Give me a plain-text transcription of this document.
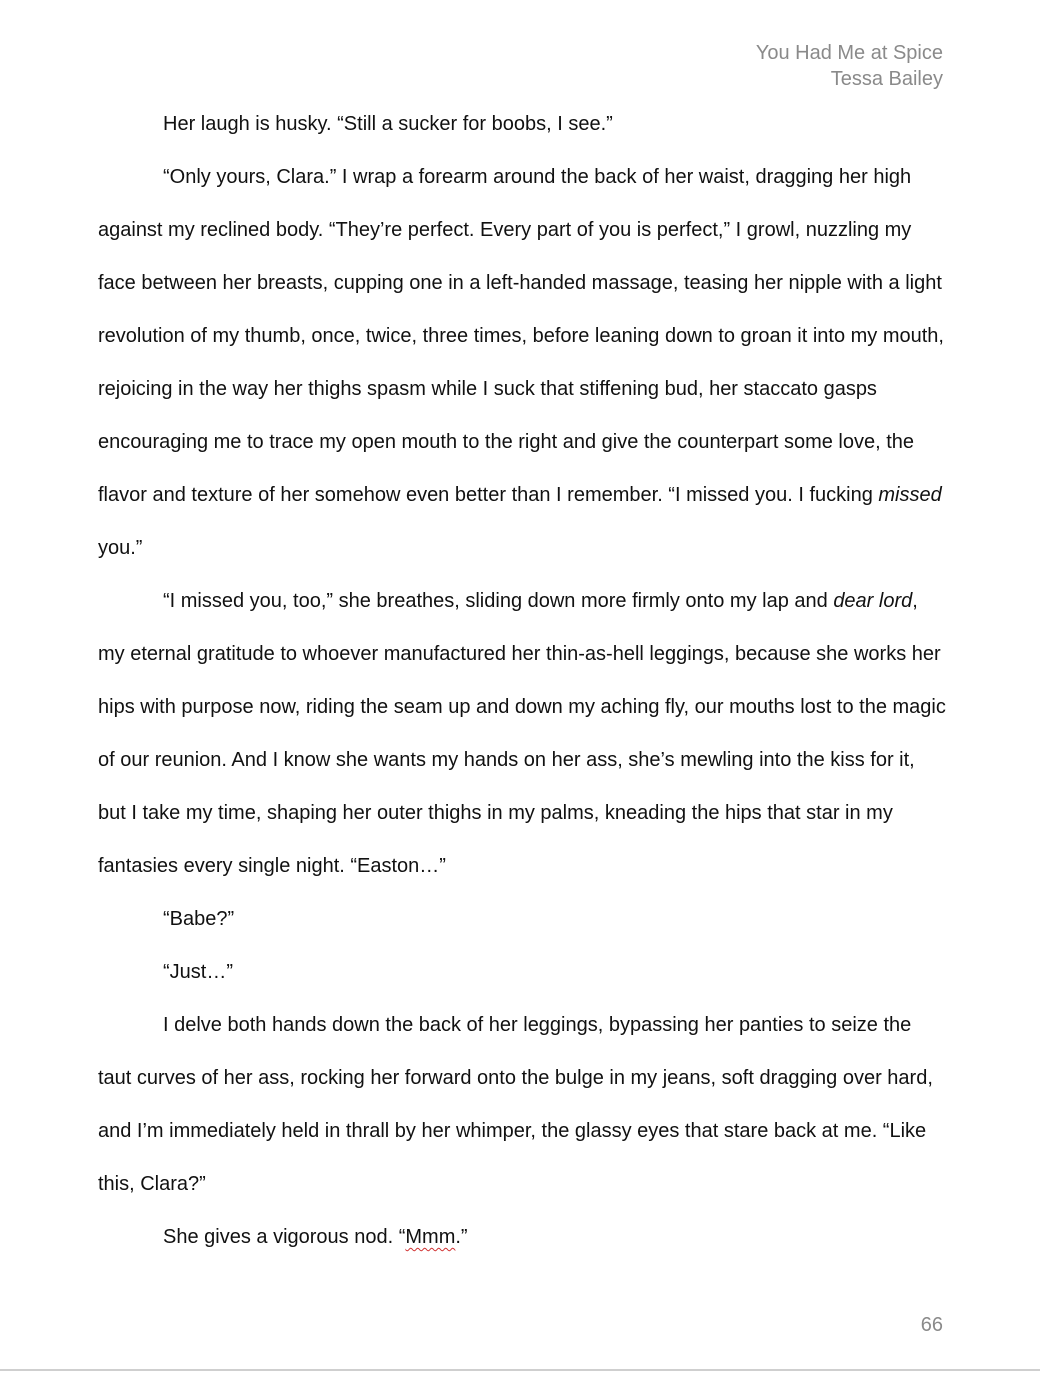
You Had Me at Spice
Tessa Bailey

Her laugh is husky. “Still a sucker for boobs, I see.”

“Only yours, Clara.” I wrap a forearm around the back of her waist, dragging her high against my reclined body. “They’re perfect. Every part of you is perfect,” I growl, nuzzling my face between her breasts, cupping one in a left-handed massage, teasing her nipple with a light revolution of my thumb, once, twice, three times, before leaning down to groan it into my mouth, rejoicing in the way her thighs spasm while I suck that stiffening bud, her staccato gasps encouraging me to trace my open mouth to the right and give the counterpart some love, the flavor and texture of her somehow even better than I remember. “I missed you. I fucking missed you.”

“I missed you, too,” she breathes, sliding down more firmly onto my lap and dear lord, my eternal gratitude to whoever manufactured her thin-as-hell leggings, because she works her hips with purpose now, riding the seam up and down my aching fly, our mouths lost to the magic of our reunion. And I know she wants my hands on her ass, she’s mewling into the kiss for it, but I take my time, shaping her outer thighs in my palms, kneading the hips that star in my fantasies every single night. “Easton…”

“Babe?”

“Just…”

I delve both hands down the back of her leggings, bypassing her panties to seize the taut curves of her ass, rocking her forward onto the bulge in my jeans, soft dragging over hard, and I’m immediately held in thrall by her whimper, the glassy eyes that stare back at me. “Like this, Clara?”

She gives a vigorous nod. “Mmm.”

66
